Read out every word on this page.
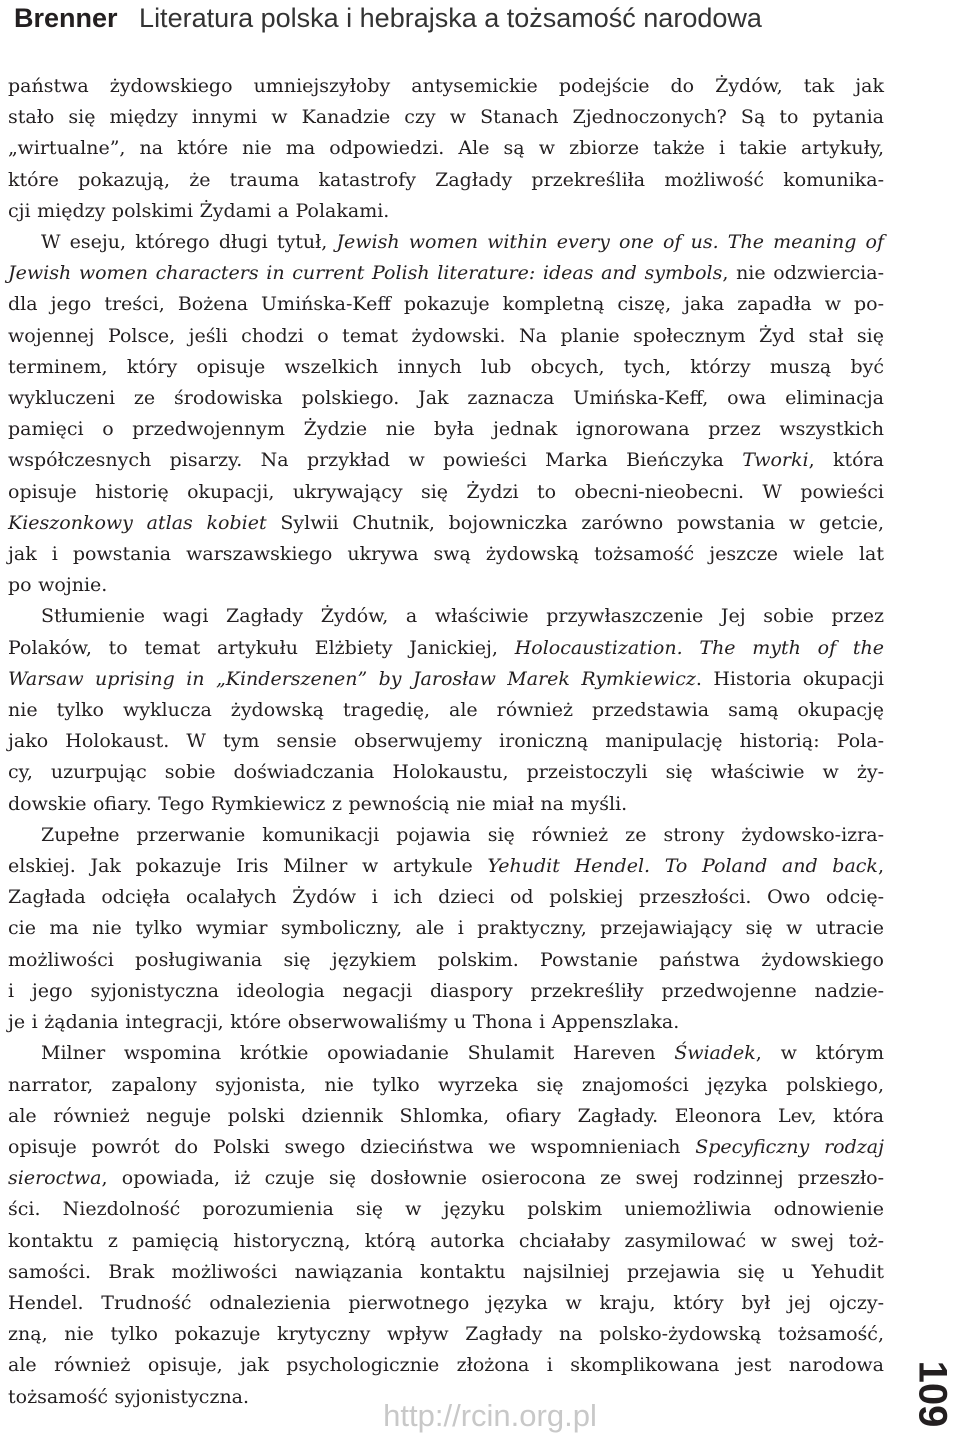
Brenner Literatura polska i hebrajska a tożsamość narodowa
państwa żydowskiego umniejszyłoby antysemickie podejście do Żydów, tak jak
stało się między innymi w Kanadzie czy w Stanach Zjednoczonych? Są to pytania
„wirtualne”, na które nie ma odpowiedzi. Ale są w zbiorze także i takie artykuły,
które pokazują, że trauma katastrofy Zagłady przekreśliła możliwość komunika-
cji między polskimi Żydami a Polakami.
W eseju, którego długi tytuł, Jewish women within every one of us. The meaning of
Jewish women characters in current Polish literature: ideas and symbols, nie odzwiercia-
dla jego treści, Bożena Umińska-Keff pokazuje kompletną ciszę, jaka zapadła w po-
wojennej Polsce, jeśli chodzi o temat żydowski. Na planie społecznym Żyd stał się
terminem, który opisuje wszelkich innych lub obcych, tych, którzy muszą być
wykluczeni ze środowiska polskiego. Jak zaznacza Umińska-Keff, owa eliminacja
pamięci o przedwojennym Żydzie nie była jednak ignorowana przez wszystkich
współczesnych pisarzy. Na przykład w powieści Marka Bieńczyka Tworki, która
opisuje historię okupacji, ukrywający się Żydzi to obecni-nieobecni. W powieści
Kieszonkowy atlas kobiet Sylwii Chutnik, bojowniczka zarówno powstania w getcie,
jak i powstania warszawskiego ukrywa swą żydowską tożsamość jeszcze wiele lat
po wojnie.
Stłumienie wagi Zagłady Żydów, a właściwie przywłaszczenie Jej sobie przez
Polaków, to temat artykułu Elżbiety Janickiej, Holocaustization. The myth of the
Warsaw uprising in „Kinderszenen” by Jarosław Marek Rymkiewicz. Historia okupacji
nie tylko wyklucza żydowską tragedię, ale również przedstawia samą okupację
jako Holokaust. W tym sensie obserwujemy ironiczną manipulację historią: Pola-
cy, uzurpując sobie doświadczania Holokaustu, przeistoczyli się właściwie w ży-
dowskie ofiary. Tego Rymkiewicz z pewnością nie miał na myśli.
Zupełne przerwanie komunikacji pojawia się również ze strony żydowsko-izra-
elskiej. Jak pokazuje Iris Milner w artykule Yehudit Hendel. To Poland and back,
Zagłada odcięła ocalałych Żydów i ich dzieci od polskiej przeszłości. Owo odcię-
cie ma nie tylko wymiar symboliczny, ale i praktyczny, przejawiający się w utracie
możliwości posługiwania się językiem polskim. Powstanie państwa żydowskiego
i jego syjonistyczna ideologia negacji diaspory przekreśliły przedwojenne nadzie-
je i żądania integracji, które obserwowaliśmy u Thona i Appenszlaka.
Milner wspomina krótkie opowiadanie Shulamit Hareven Świadek, w którym
narrator, zapalony syjonista, nie tylko wyrzeka się znajomości języka polskiego,
ale również neguje polski dziennik Shlomka, ofiary Zagłady. Eleonora Lev, która
opisuje powrót do Polski swego dzieciństwa we wspomnieniach Specyficzny rodzaj
sieroctwa, opowiada, iż czuje się dosłownie osierocona ze swej rodzinnej przeszło-
ści. Niezdolność porozumienia się w języku polskim uniemożliwia odnowienie
kontaktu z pamięcią historyczną, którą autorka chciałaby zasymilować w swej toż-
samości. Brak możliwości nawiązania kontaktu najsilniej przejawia się u Yehudit
Hendel. Trudność odnalezienia pierwotnego języka w kraju, który był jej ojczy-
zną, nie tylko pokazuje krytyczny wpływ Zagłady na polsko-żydowską tożsamość,
ale również opisuje, jak psychologicznie złożona i skomplikowana jest narodowa
tożsamość syjonistyczna.	109
http://rcin.org.pl
